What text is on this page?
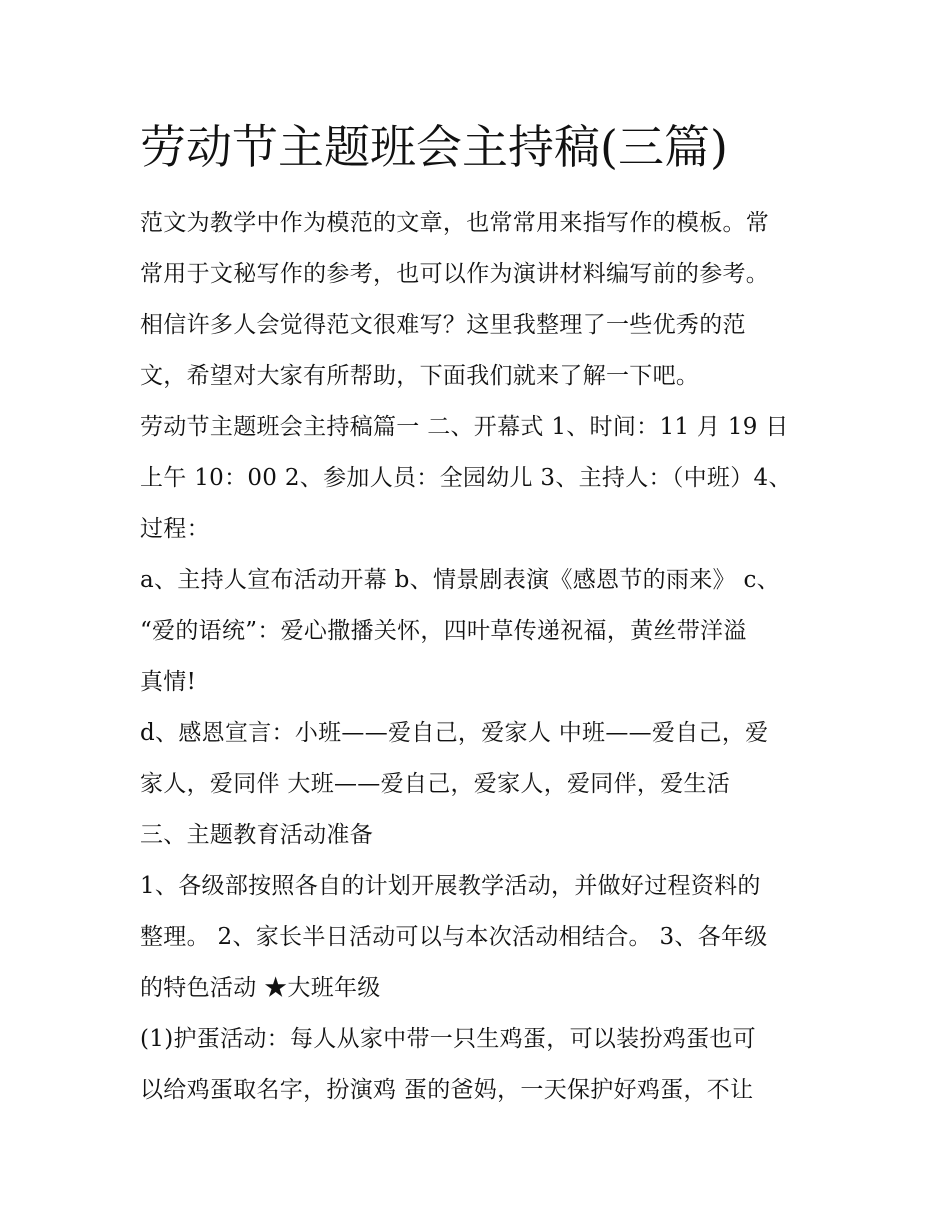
劳动节主题班会主持稿(三篇)
范文为教学中作为模范的文章，也常常用来指写作的模板。常
常用于文秘写作的参考，也可以作为演讲材料编写前的参考。
相信许多人会觉得范文很难写？这里我整理了一些优秀的范
文，希望对大家有所帮助，下面我们就来了解一下吧。
劳动节主题班会主持稿篇一 二、开幕式 1、时间：11 月 19 日
上午 10：00 2、参加人员：全园幼儿 3、主持人：（中班）4、
过程：
a、主持人宣布活动开幕 b、情景剧表演《感恩节的雨来》 c、
“爱的语统”：爱心撒播关怀，四叶草传递祝福，黄丝带洋溢
真情!
d、感恩宣言：小班——爱自己，爱家人 中班——爱自己，爱
家人，爱同伴 大班——爱自己，爱家人，爱同伴，爱生活
三、主题教育活动准备
1、各级部按照各自的计划开展教学活动，并做好过程资料的
整理。 2、家长半日活动可以与本次活动相结合。 3、各年级
的特色活动 ★大班年级
(1)护蛋活动：每人从家中带一只生鸡蛋，可以装扮鸡蛋也可
以给鸡蛋取名字，扮演鸡 蛋的爸妈，一天保护好鸡蛋，不让
